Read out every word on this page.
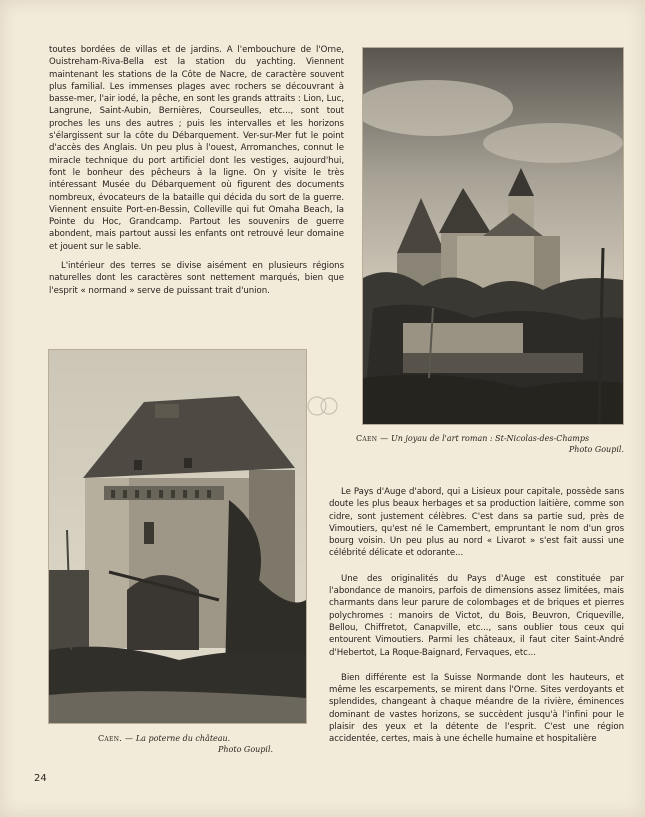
toutes bordées de villas et de jardins. A l'embouchure de l'Orne, Ouistreham-Riva-Bella est la station du yachting. Viennent maintenant les stations de la Côte de Nacre, de caractère souvent plus familial. Les immenses plages avec rochers se découvrant à basse-mer, l'air iodé, la pêche, en sont les grands attraits : Lion, Luc, Langrune, Saint-Aubin, Bernières, Courseulles, etc..., sont tout proches les uns des autres ; puis les intervalles et les horizons s'élargissent sur la côte du Débarquement. Ver-sur-Mer fut le point d'accès des Anglais. Un peu plus à l'ouest, Arromanches, connut le miracle technique du port artificiel dont les vestiges, aujourd'hui, font le bonheur des pêcheurs à la ligne. On y visite le très intéressant Musée du Débarquement où figurent des documents nombreux, évocateurs de la bataille qui décida du sort de la guerre. Viennent ensuite Port-en-Bessin, Colleville qui fut Omaha Beach, la Pointe du Hoc, Grandcamp. Partout les souvenirs de guerre abondent, mais partout aussi les enfants ont retrouvé leur domaine et jouent sur le sable.

L'intérieur des terres se divise aisément en plusieurs régions naturelles dont les caractères sont nettement marqués, bien que l'esprit « normand » serve de puissant trait d'union.

Caen — Un joyau de l'art roman : St-Nicolas-des-Champs
Photo Goupil.
Caen. — La poterne du château.
Photo Goupil.

Le Pays d'Auge d'abord, qui a Lisieux pour capitale, possède sans doute les plus beaux herbages et sa production laitière, comme son cidre, sont justement célèbres. C'est dans sa partie sud, près de Vimoutiers, qu'est né le Camembert, empruntant le nom d'un gros bourg voisin. Un peu plus au nord « Livarot » s'est fait aussi une célébrité délicate et odorante...

Une des originalités du Pays d'Auge est constituée par l'abondance de manoirs, parfois de dimensions assez limitées, mais charmants dans leur parure de colombages et de briques et pierres polychromes : manoirs de Victot, du Bois, Beuvron, Criqueville, Bellou, Chiffretot, Canapville, etc..., sans oublier tous ceux qui entourent Vimoutiers. Parmi les châteaux, il faut citer Saint-André d'Hebertot, La Roque-Baignard, Fervaques, etc...

Bien différente est la Suisse Normande dont les hauteurs, et même les escarpements, se mirent dans l'Orne. Sites verdoyants et splendides, changeant à chaque méandre de la rivière, éminences dominant de vastes horizons, se succèdent jusqu'à l'infini pour le plaisir des yeux et la détente de l'esprit. C'est une région accidentée, certes, mais à une échelle humaine et hospitalière

24
